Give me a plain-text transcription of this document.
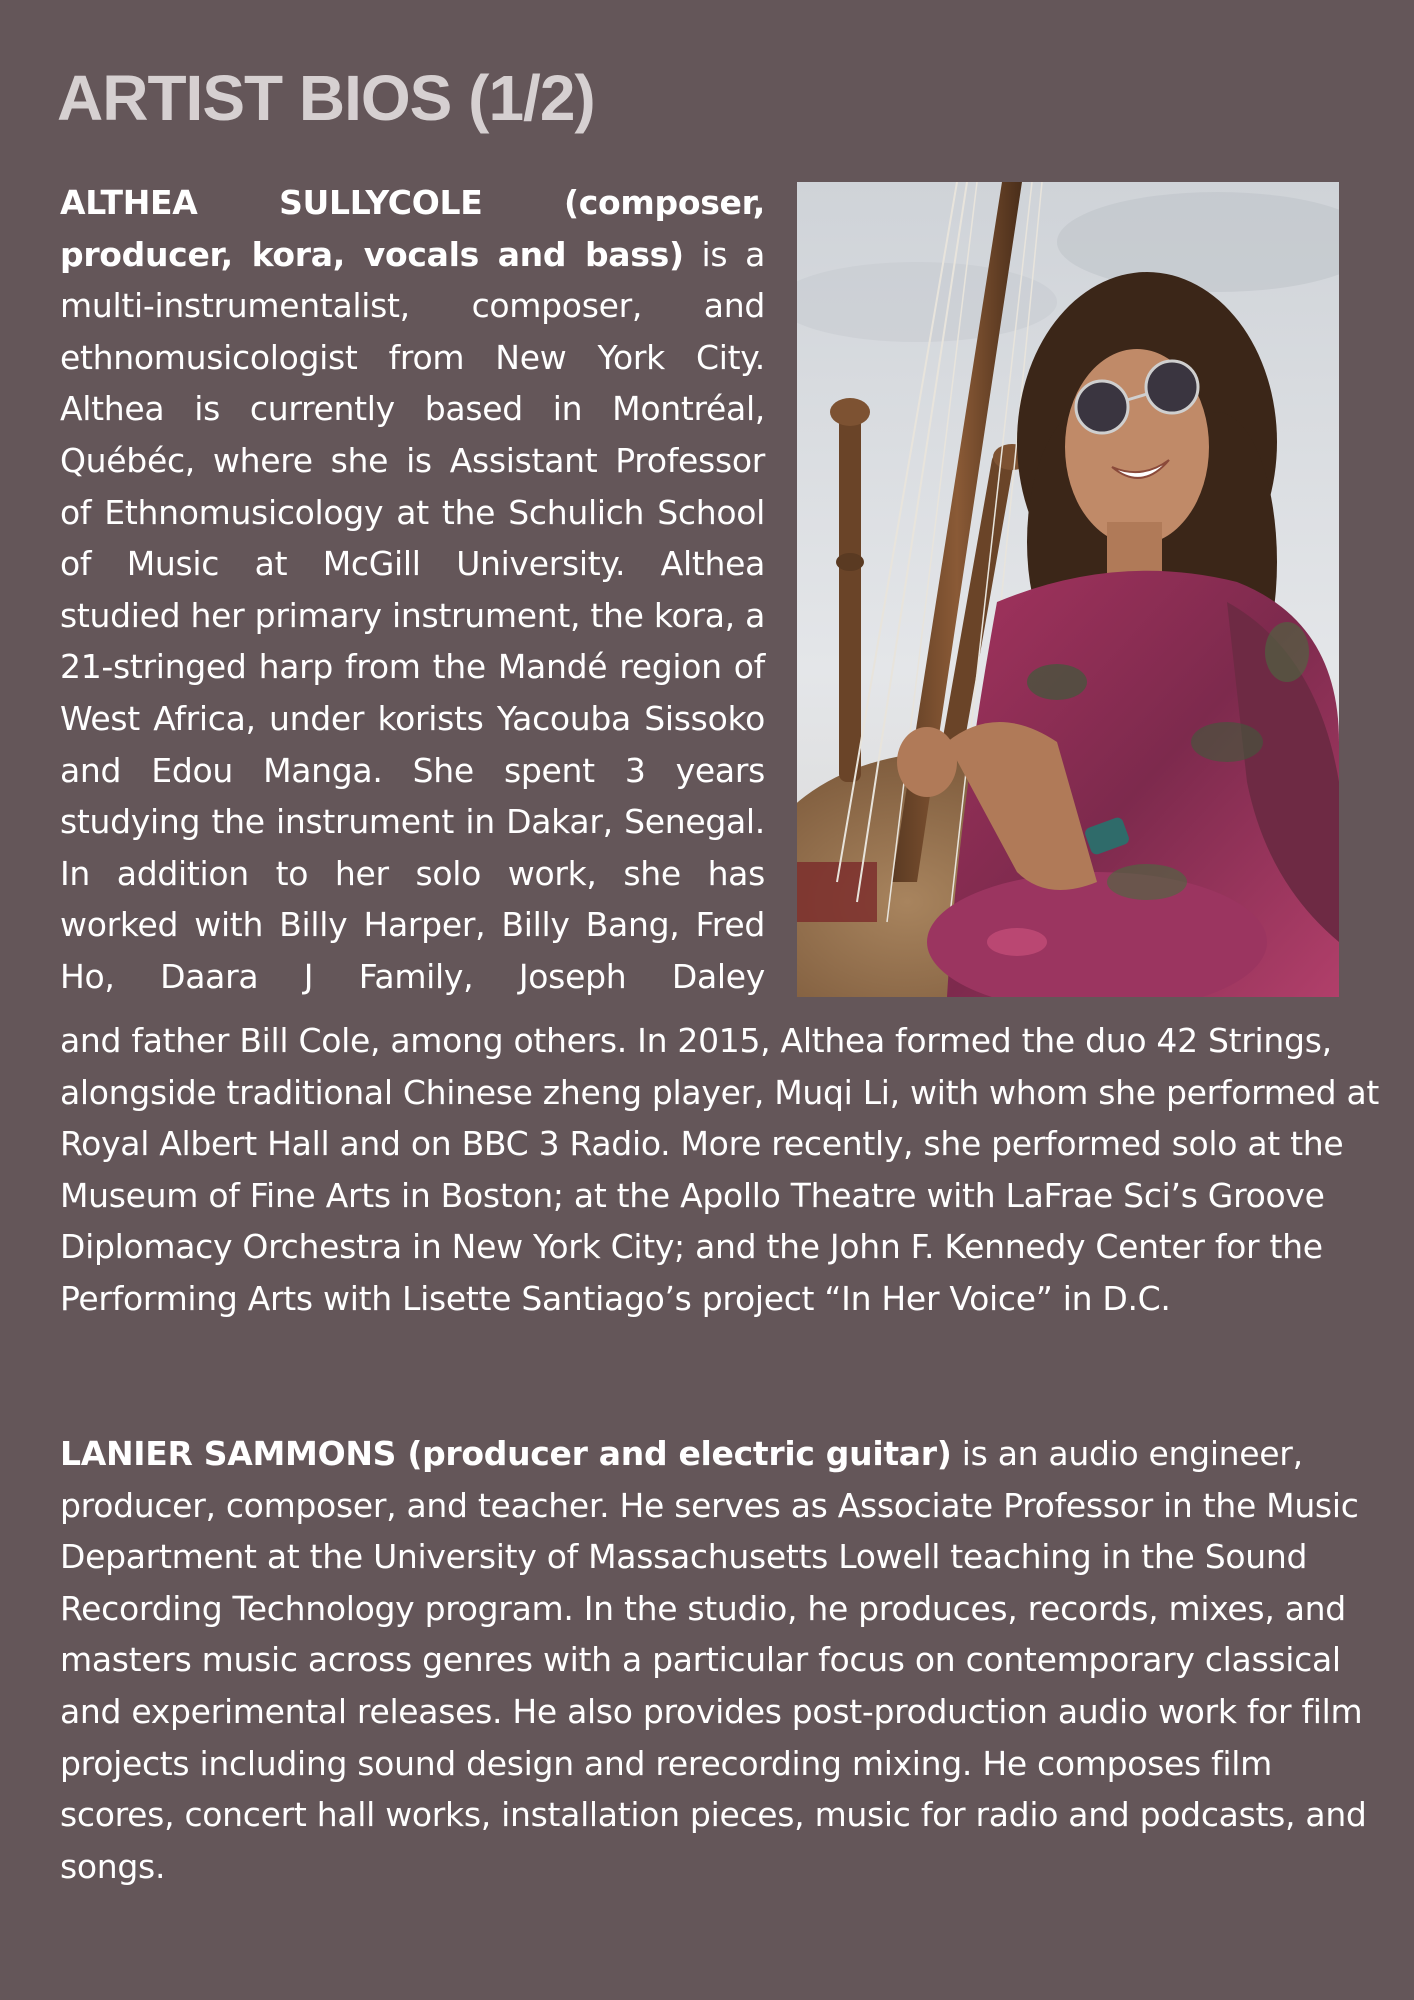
ARTIST BIOS (1/2)

ALTHEA SULLYCOLE (composer, producer, kora, vocals and bass) is a multi-instrumentalist, composer, and ethnomusicologist from New York City. Althea is currently based in Montréal, Québéc, where she is Assistant Professor of Ethnomusicology at the Schulich School of Music at McGill University. Althea studied her primary instrument, the kora, a 21-stringed harp from the Mandé region of West Africa, under korists Yacouba Sissoko and Edou Manga. She spent 3 years studying the instrument in Dakar, Senegal. In addition to her solo work, she has worked with Billy Harper, Billy Bang, Fred Ho, Daara J Family, Joseph Daley

and father Bill Cole, among others. In 2015, Althea formed the duo 42 Strings, alongside traditional Chinese zheng player, Muqi Li, with whom she performed at Royal Albert Hall and on BBC 3 Radio. More recently, she performed solo at the Museum of Fine Arts in Boston; at the Apollo Theatre with LaFrae Sci’s Groove Diplomacy Orchestra in New York City; and the John F. Kennedy Center for the Performing Arts with Lisette Santiago’s project “In Her Voice” in D.C.

LANIER SAMMONS (producer and electric guitar) is an audio engineer, producer, composer, and teacher. He serves as Associate Professor in the Music Department at the University of Massachusetts Lowell teaching in the Sound Recording Technology program. In the studio, he produces, records, mixes, and masters music across genres with a particular focus on contemporary classical and experimental releases. He also provides post-production audio work for film projects including sound design and rerecording mixing. He composes film scores, concert hall works, installation pieces, music for radio and podcasts, and songs.
